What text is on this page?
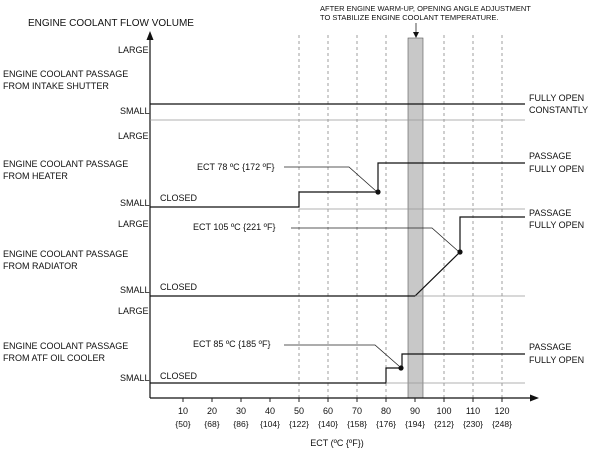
10 20 30 40 50 60 70 80 90 100 110 120
{50} {68} {86} {104} {122} {140} {158} {176} {194} {212} {230} {248}
ECT (ºC {ºF})
ENGINE COOLANT FLOW VOLUME
AFTER ENGINE WARM-UP, OPENING ANGLE ADJUSTMENT
TO STABILIZE ENGINE COOLANT TEMPERATURE.
LARGE
ENGINE COOLANT PASSAGE
FROM INTAKE SHUTTER
SMALL
FULLY OPEN
CONSTANTLY
LARGE
ENGINE COOLANT PASSAGE
FROM HEATER
SMALL CLOSED
ECT 78 ºC {172 ºF}
PASSAGE
FULLY OPEN
LARGE
ENGINE COOLANT PASSAGE
FROM RADIATOR
SMALL CLOSED
ECT 105 ºC {221 ºF}
PASSAGE
FULLY OPEN
LARGE
ENGINE COOLANT PASSAGE
FROM ATF OIL COOLER
SMALL CLOSED
ECT 85 ºC {185 ºF}	PASSAGE
FULLY OPEN
